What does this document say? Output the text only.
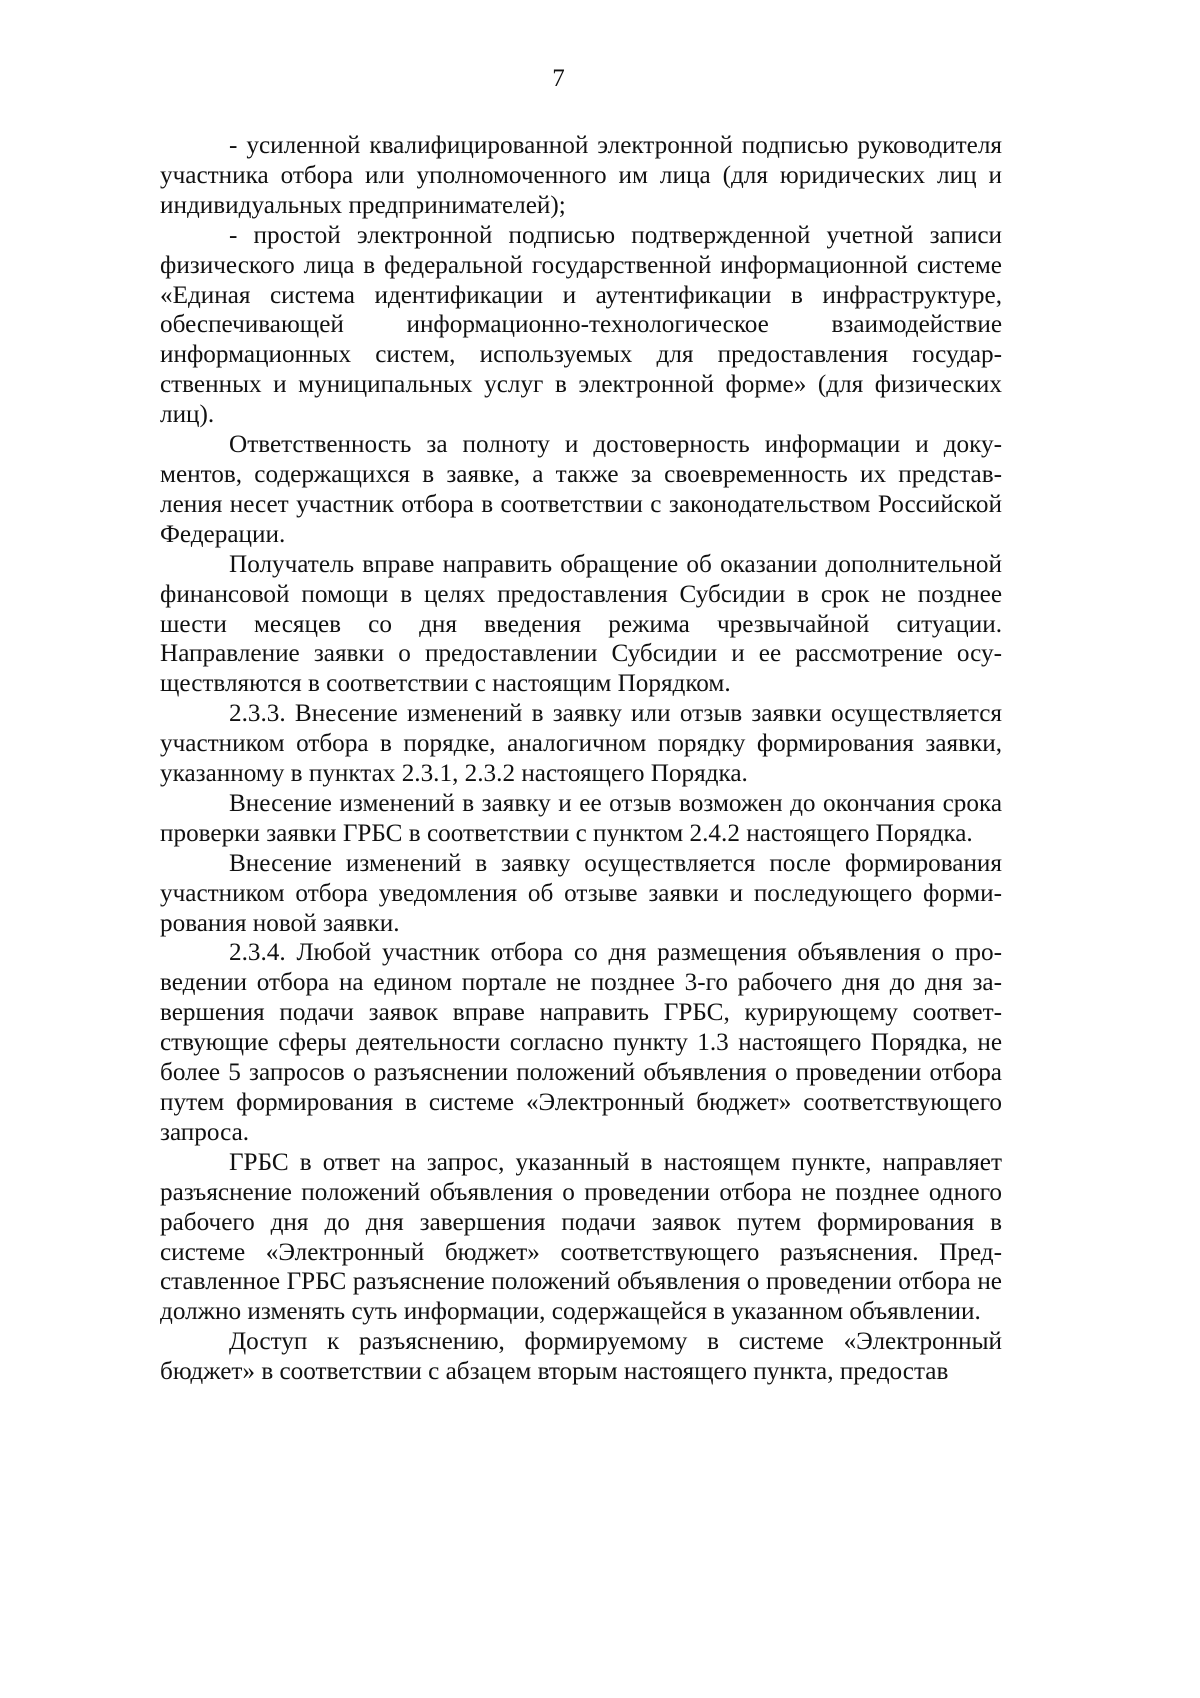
7

- усиленной квалифицированной электронной подписью руководителя участника отбора или уполномоченного им лица (для юридических лиц и индивидуальных предпринимателей);

- простой электронной подписью подтвержденной учетной записи физического лица в федеральной государственной информационной системе «Единая система идентификации и аутентификации в инфраструктуре, обеспечивающей информационно-технологическое взаимодействие информационных систем, используемых для предоставления государственных и муниципальных услуг в электронной форме» (для физических лиц).

Ответственность за полноту и достоверность информации и документов, содержащихся в заявке, а также за своевременность их представления несет участник отбора в соответствии с законодательством Российской Федерации.

Получатель вправе направить обращение об оказании дополнительной финансовой помощи в целях предоставления Субсидии в срок не позднее шести месяцев со дня введения режима чрезвычайной ситуации. Направление заявки о предоставлении Субсидии и ее рассмотрение осуществляются в соответствии с настоящим Порядком.

2.3.3. Внесение изменений в заявку или отзыв заявки осуществляется участником отбора в порядке, аналогичном порядку формирования заявки, указанному в пунктах 2.3.1, 2.3.2 настоящего Порядка.

Внесение изменений в заявку и ее отзыв возможен до окончания срока проверки заявки ГРБС в соответствии с пунктом 2.4.2 настоящего Порядка.

Внесение изменений в заявку осуществляется после формирования участником отбора уведомления об отзыве заявки и последующего формирования новой заявки.

2.3.4. Любой участник отбора со дня размещения объявления о проведении отбора на едином портале не позднее 3-го рабочего дня до дня завершения подачи заявок вправе направить ГРБС, курирующему соответствующие сферы деятельности согласно пункту 1.3 настоящего Порядка, не более 5 запросов о разъяснении положений объявления о проведении отбора путем формирования в системе «Электронный бюджет» соответствующего запроса.

ГРБС в ответ на запрос, указанный в настоящем пункте, направляет разъяснение положений объявления о проведении отбора не позднее одного рабочего дня до дня завершения подачи заявок путем формирования в системе «Электронный бюджет» соответствующего разъяснения. Представленное ГРБС разъяснение положений объявления о проведении отбора не должно изменять суть информации, содержащейся в указанном объявлении.

Доступ к разъяснению, формируемому в системе «Электронный бюджет» в соответствии с абзацем вторым настоящего пункта, предостав
